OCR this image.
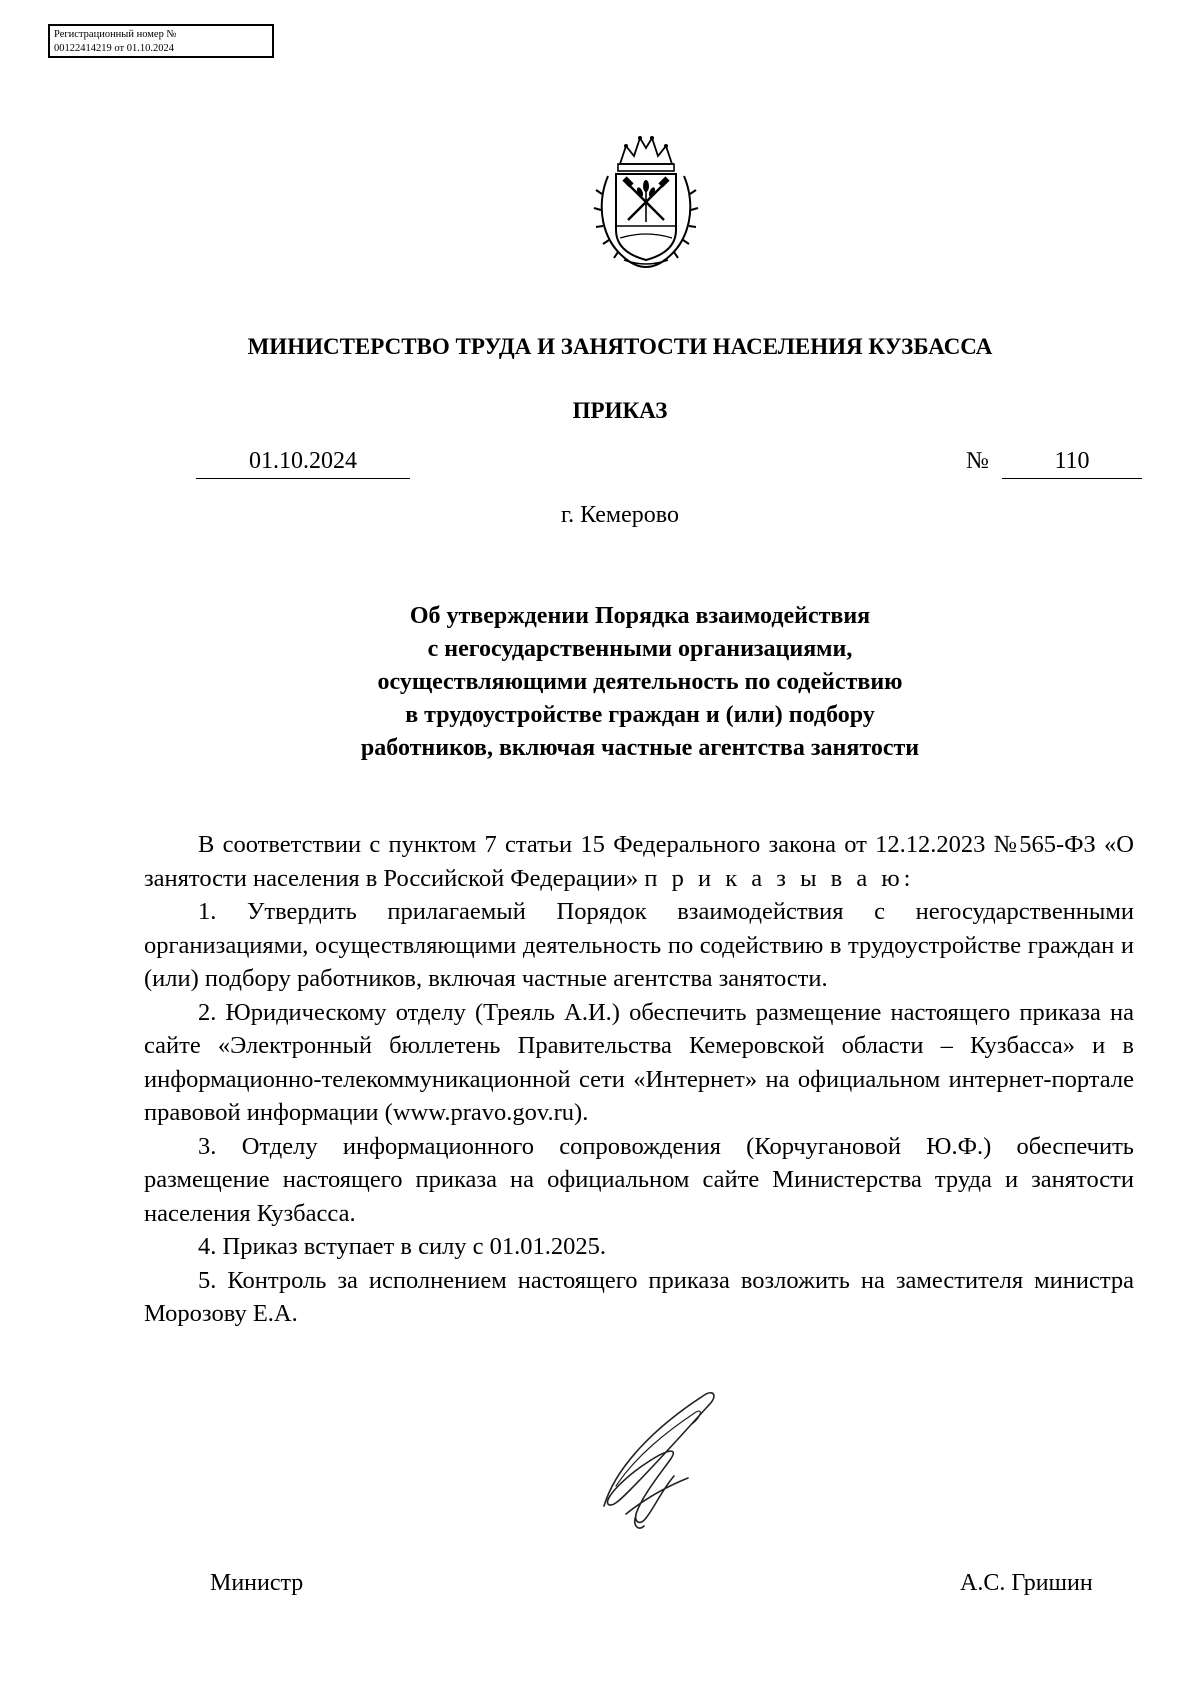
Регистрационный номер №
00122414219 от 01.10.2024
МИНИСТЕРСТВО ТРУДА И ЗАНЯТОСТИ НАСЕЛЕНИЯ КУЗБАССА
ПРИКАЗ
01.10.2024	№	110
г. Кемерово
Об утверждении Порядка взаимодействия
с негосударственными организациями,
осуществляющими деятельность по содействию
в трудоустройстве граждан и (или) подбору
работников, включая частные агентства занятости

В соответствии с пунктом 7 статьи 15 Федерального закона от 12.12.2023 №565-ФЗ «О занятости населения в Российской Федерации» п р и к а з ы в а ю:

1. Утвердить прилагаемый Порядок взаимодействия с негосударственными организациями, осуществляющими деятельность по содействию в трудоустройстве граждан и (или) подбору работников, включая частные агентства занятости.

2. Юридическому отделу (Треяль А.И.) обеспечить размещение настоящего приказа на сайте «Электронный бюллетень Правительства Кемеровской области – Кузбасса» и в информационно-телекоммуникационной сети «Интернет» на официальном интернет-портале правовой информации (www.pravo.gov.ru).

3. Отделу информационного сопровождения (Корчугановой Ю.Ф.) обеспечить размещение настоящего приказа на официальном сайте Министерства труда и занятости населения Кузбасса.

4. Приказ вступает в силу с 01.01.2025.

5. Контроль за исполнением настоящего приказа возложить на заместителя министра Морозову Е.А.

Министр	А.С. Гришин
